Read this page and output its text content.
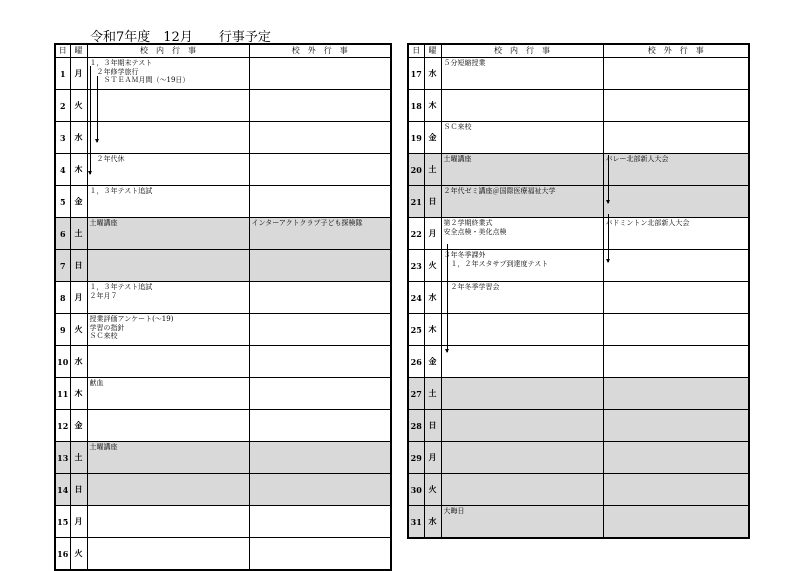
令和7年度　12月　　行事予定
日	曜	校　内　行　事	校　外　行　事
1	月	１，３年期末テスト
　２年修学旅行
　　ＳＴＥＡＭ月間（～19日）	
2	火		
3	水		
4	木	　２年代休	
5	金	１，３年テスト追試	
6	土	土曜講座	インターアクトクラブ子ども探検隊
7	日		
8	月	１，３年テスト追試
２年月７	
9	火	授業評価アンケート(～19)
学習の指針
ＳＣ来校	
10	水		
11	木	献血	
12	金		
13	土	土曜講座	
14	日		
15	月		
16	火		
日	曜	校　内　行　事	校　外　行　事
17	水	５分短縮授業	
18	木		
19	金	ＳＣ来校	
20	土	土曜講座	バレー北部新人大会
21	日	２年代ゼミ講座＠国際医療福祉大学	
22	月	第２学期終業式
安全点検・美化点検	バドミントン北部新人大会
23	火	３年冬季課外
　１，２年スタサプ到達度テスト	
24	水	　２年冬季学習会	
25	木		
26	金		
27	土		
28	日		
29	月		
30	火		
31	水	大晦日	
